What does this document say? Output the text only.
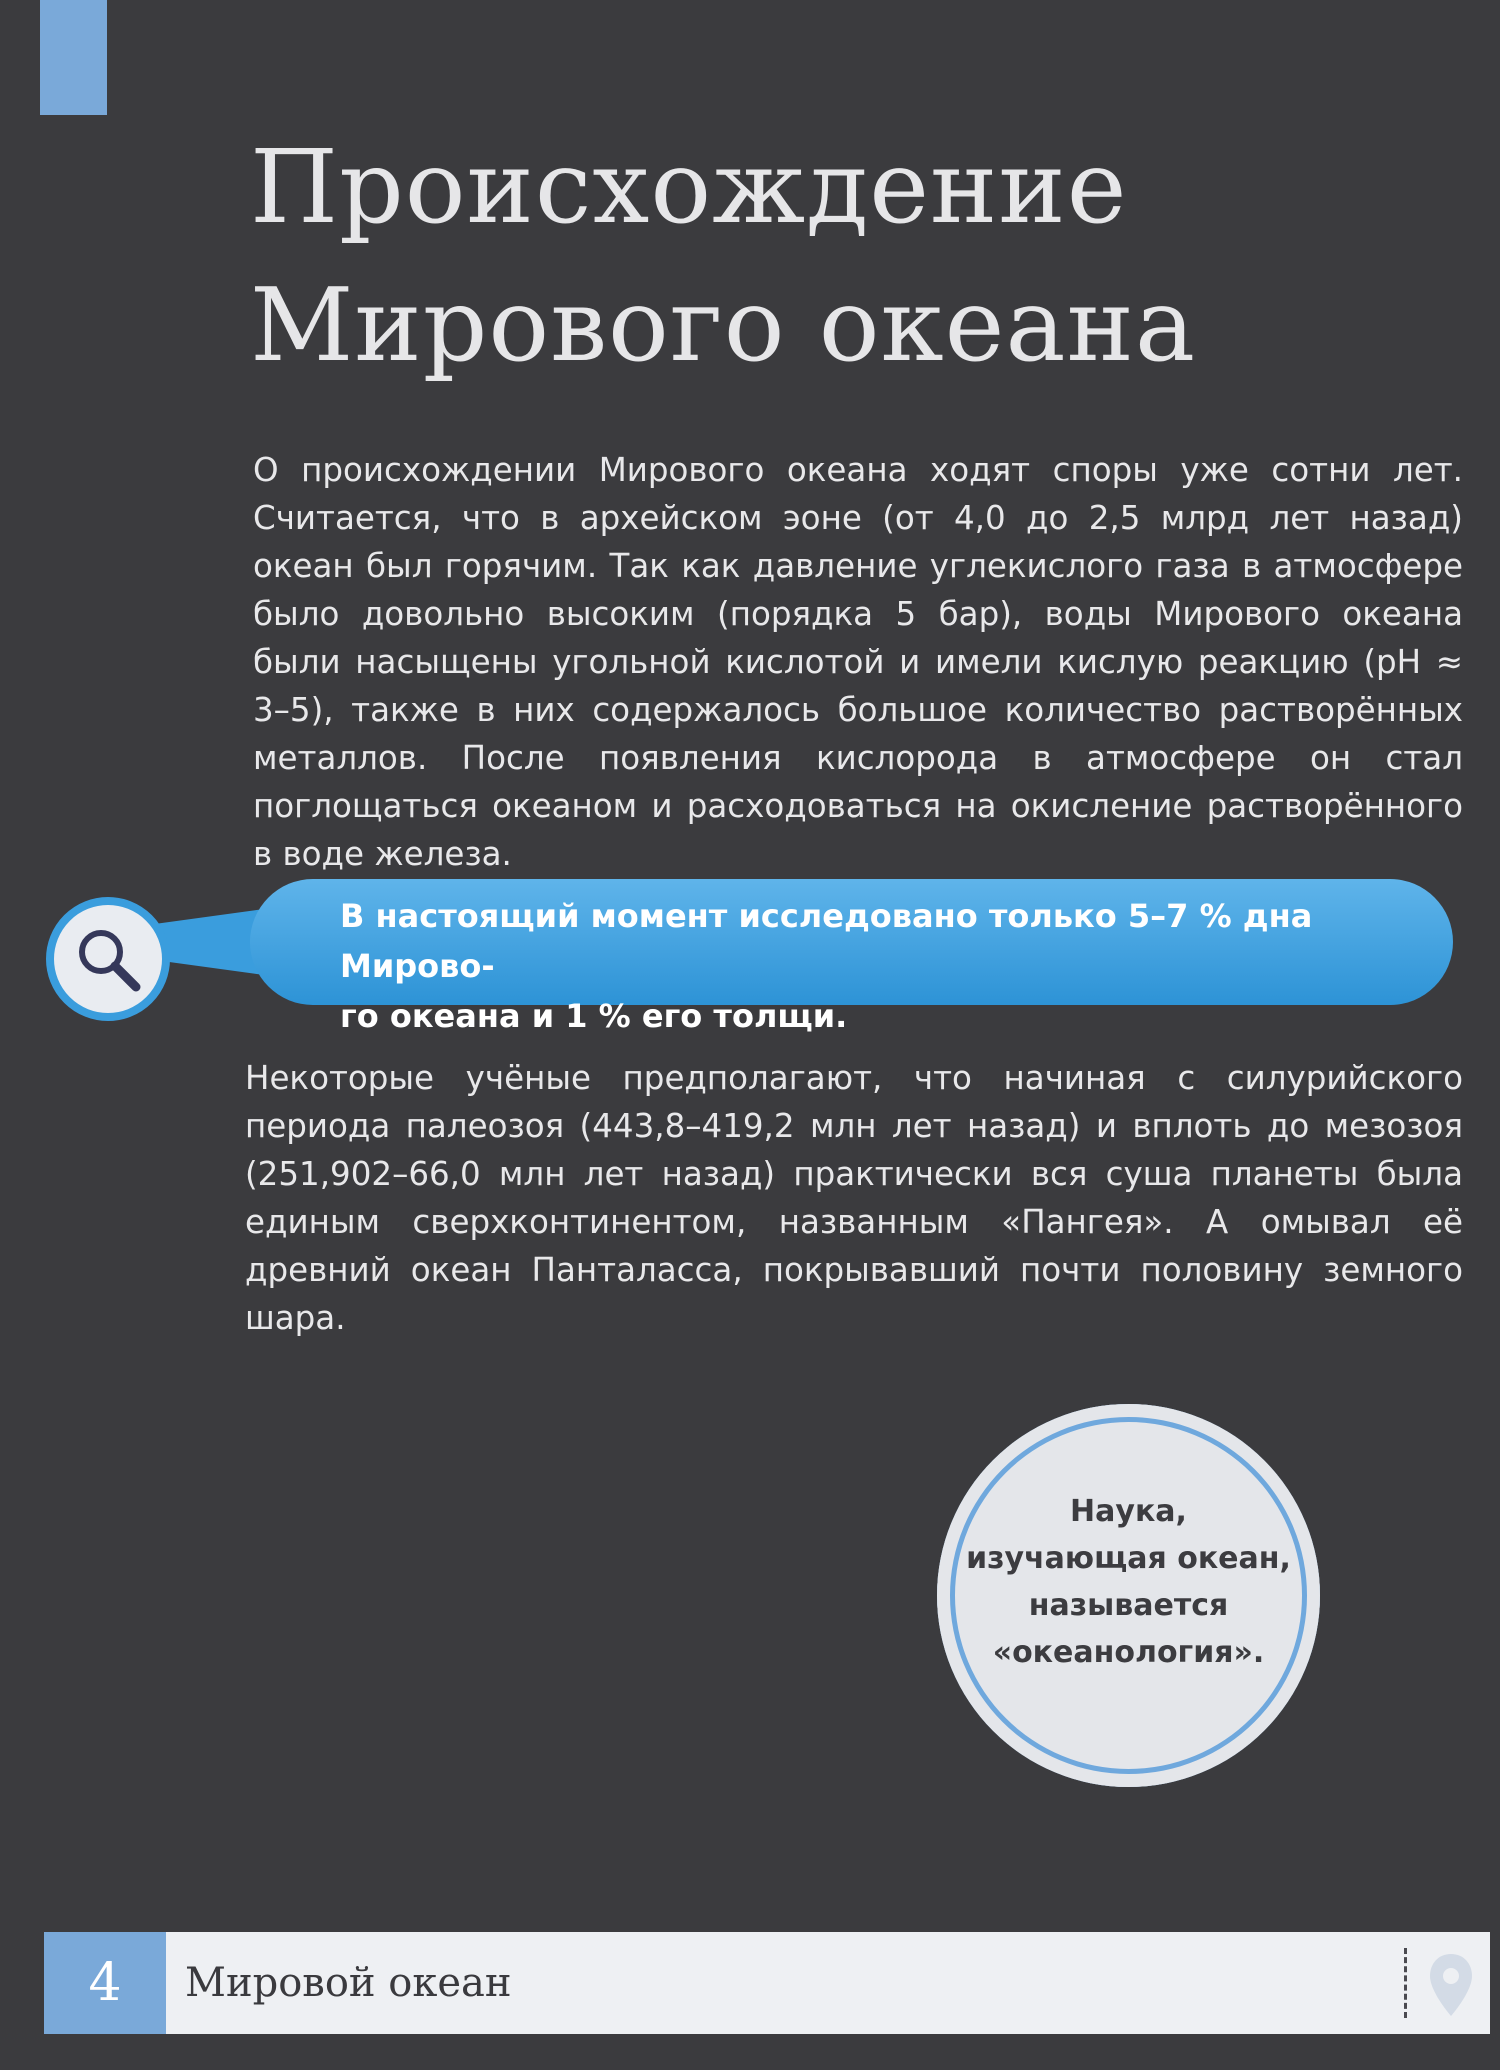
Происхождение
Мирового океана

О происхождении Мирового океана ходят споры уже сотни лет. Считается, что в архейском эоне (от 4,0 до 2,5 млрд лет назад) океан был горячим. Так как давление углекислого газа в атмосфере было довольно высоким (порядка 5 бар), воды Мирового океана были насыщены угольной кислотой и имели кислую реакцию (pH ≈ 3–5), также в них содержалось большое количество растворённых металлов. После появления кислорода в атмосфере он стал поглощаться океаном и расходоваться на окисление растворённого в воде железа.

В настоящий момент исследовано только 5–7 % дна Мирово-
го океана и 1 % его толщи.

Некоторые учёные предполагают, что начиная с силурийского периода палеозоя (443,8–419,2 млн лет назад) и вплоть до мезозоя (251,902–66,0 млн лет назад) практически вся суша планеты была единым сверхконтинентом, названным «Пангея». А омывал её древний океан Панталасса, покрывавший почти половину земного шара.

Наука,
изучающая океан,
называется
«океанология».

4	Мировой океан
